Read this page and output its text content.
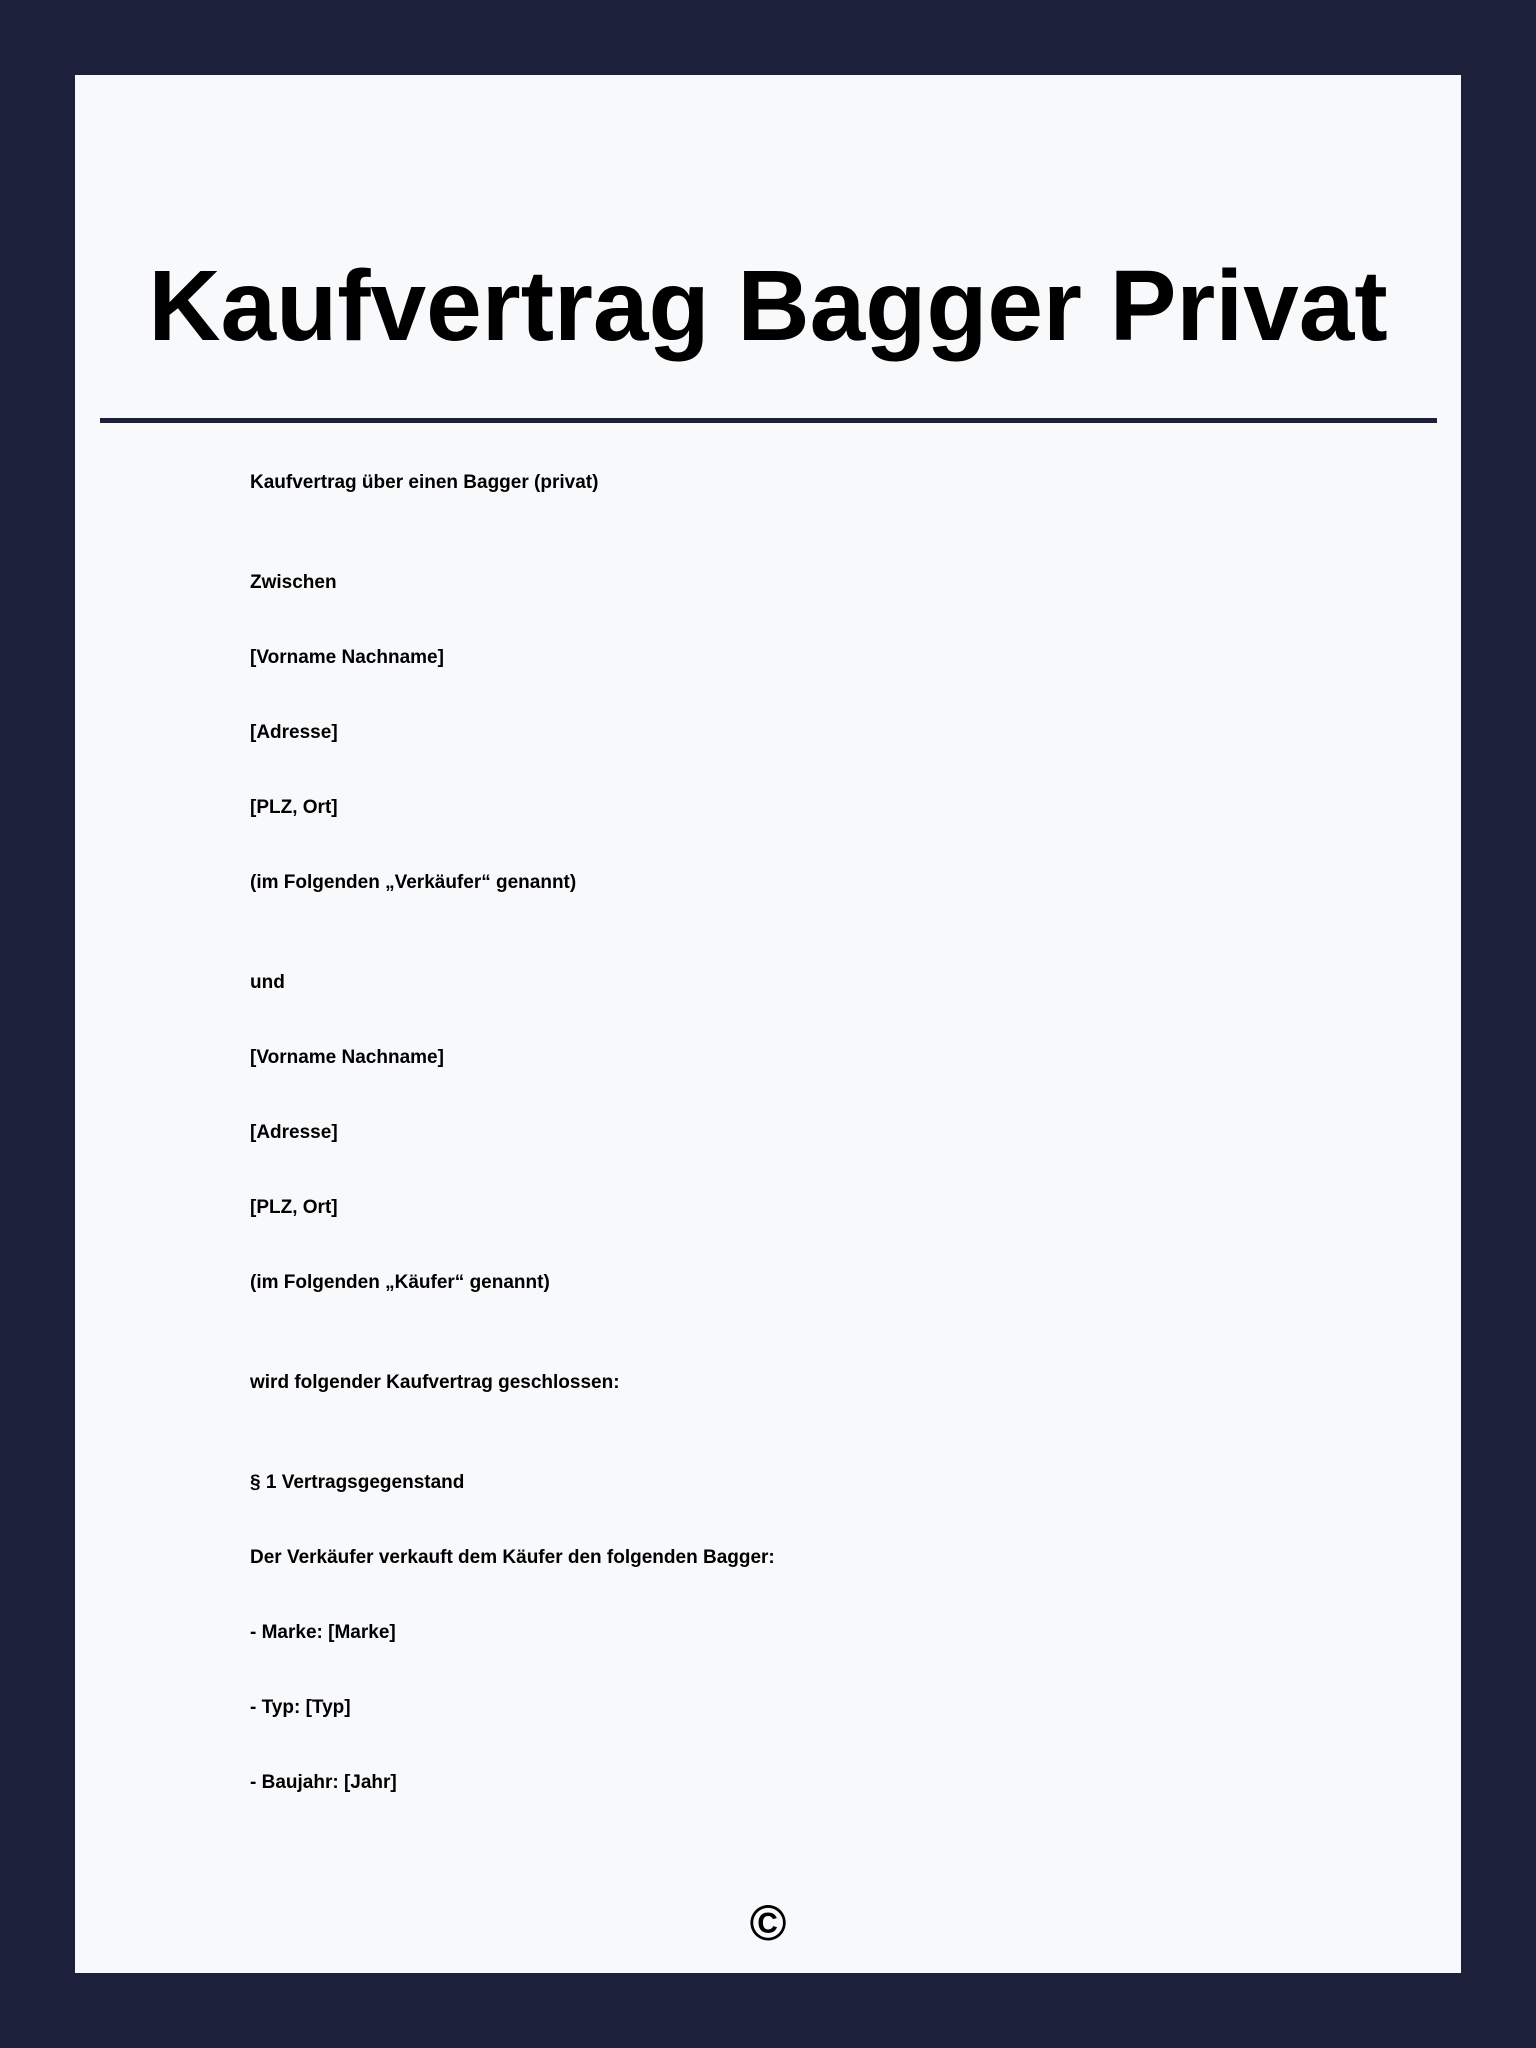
Kaufvertrag Bagger Privat

Kaufvertrag über einen Bagger (privat)

Zwischen

[Vorname Nachname]

[Adresse]

[PLZ, Ort]

(im Folgenden „Verkäufer“ genannt)

und

[Vorname Nachname]

[Adresse]

[PLZ, Ort]

(im Folgenden „Käufer“ genannt)

wird folgender Kaufvertrag geschlossen:

§ 1 Vertragsgegenstand

Der Verkäufer verkauft dem Käufer den folgenden Bagger:

- Marke: [Marke]

- Typ: [Typ]

- Baujahr: [Jahr]

©
